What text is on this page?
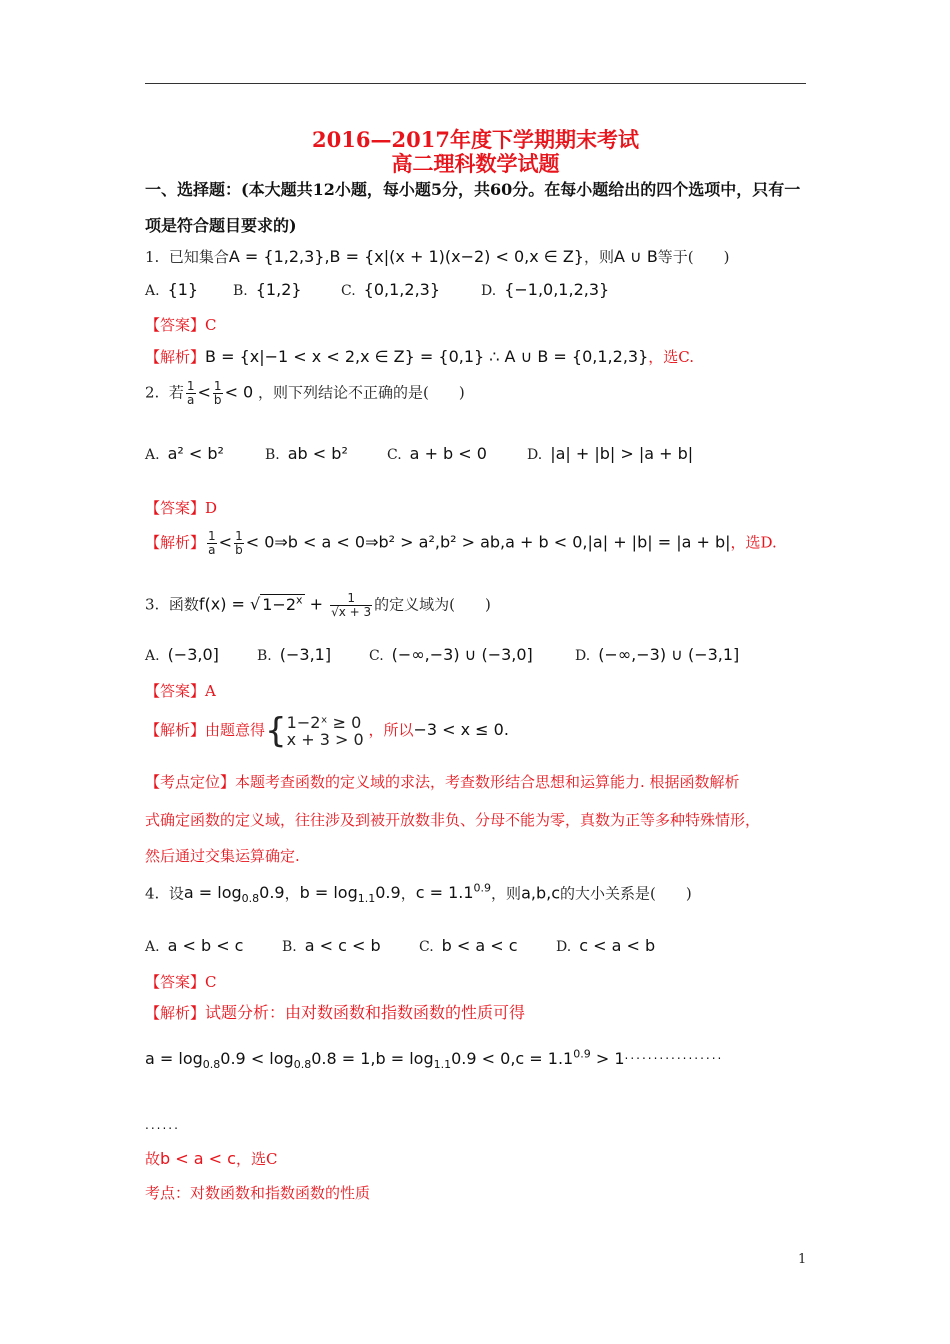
2016—2017年度下学期期末考试
高二理科数学试题
一、选择题：(本大题共12小题，每小题5分，共60分。在每小题给出的四个选项中，只有一
项是符合题目要求的)
1. 已知集合A = {1,2,3},B = {x|(x + 1)(x−2) < 0,x ∈ Z}，则A ∪ B等于(　　)
A. {1} B. {1,2}	C. {0,1,2,3}	D. {−1,0,1,2,3}
【答案】C
【解析】B = {x|−1 < x < 2,x ∈ Z} = {0,1} ∴ A ∪ B = {0,1,2,3}，选C.
2. 若 $\frac{1}{a} < \frac{1}{b} < 0$ ，则下列结论不正确的是(　　)
A. a² < b²	B. ab < b²	C. a + b < 0	D. |a| + |b| > |a + b|
【答案】D
【解析】 $\frac{1}{a} < \frac{1}{b}$ < 0⇒b < a < 0⇒b² > a²,b² > ab,a + b < 0,|a| + |b| = |a + b|，选D.
3. 函数f(x) = √ $1-2^x + \frac{1}{√x + 3}$ 的定义域为(　　)
A. (−3,0]	B. (−3,1]	C. (−∞,−3) ∪ (−3,0]	D. (−∞,−3) ∪ (−3,1]
【答案】A
【解析】由题意得{1−2ˣ ≥ 0
x + 3 > 0 ，所以−3 < x ≤ 0.
【考点定位】本题考查函数的定义域的求法，考查数形结合思想和运算能力. 根据函数解析
式确定函数的定义域，往往涉及到被开放数非负、分母不能为零，真数为正等多种特殊情形，
然后通过交集运算确定.
4. 设$a = \log_{0.8}0.9$，$b = \log_{1.1}0.9$，$c = 1.1^{0.9}$，则a,b,c的大小关系是(　　)
A. a < b < c	B. a < c < b	C. b < a < c	D. c < a < b
【答案】C
【解析】试题分析：由对数函数和指数函数的性质可得
$a = \log_{0.8}0.9 < \log_{0.8}0.8 = 1,b = \log_{1.1}0.9 < 0,c = 1.1^{0.9} > 1^{.................}$
......
故b < a < c，选C
考点：对数函数和指数函数的性质
1
